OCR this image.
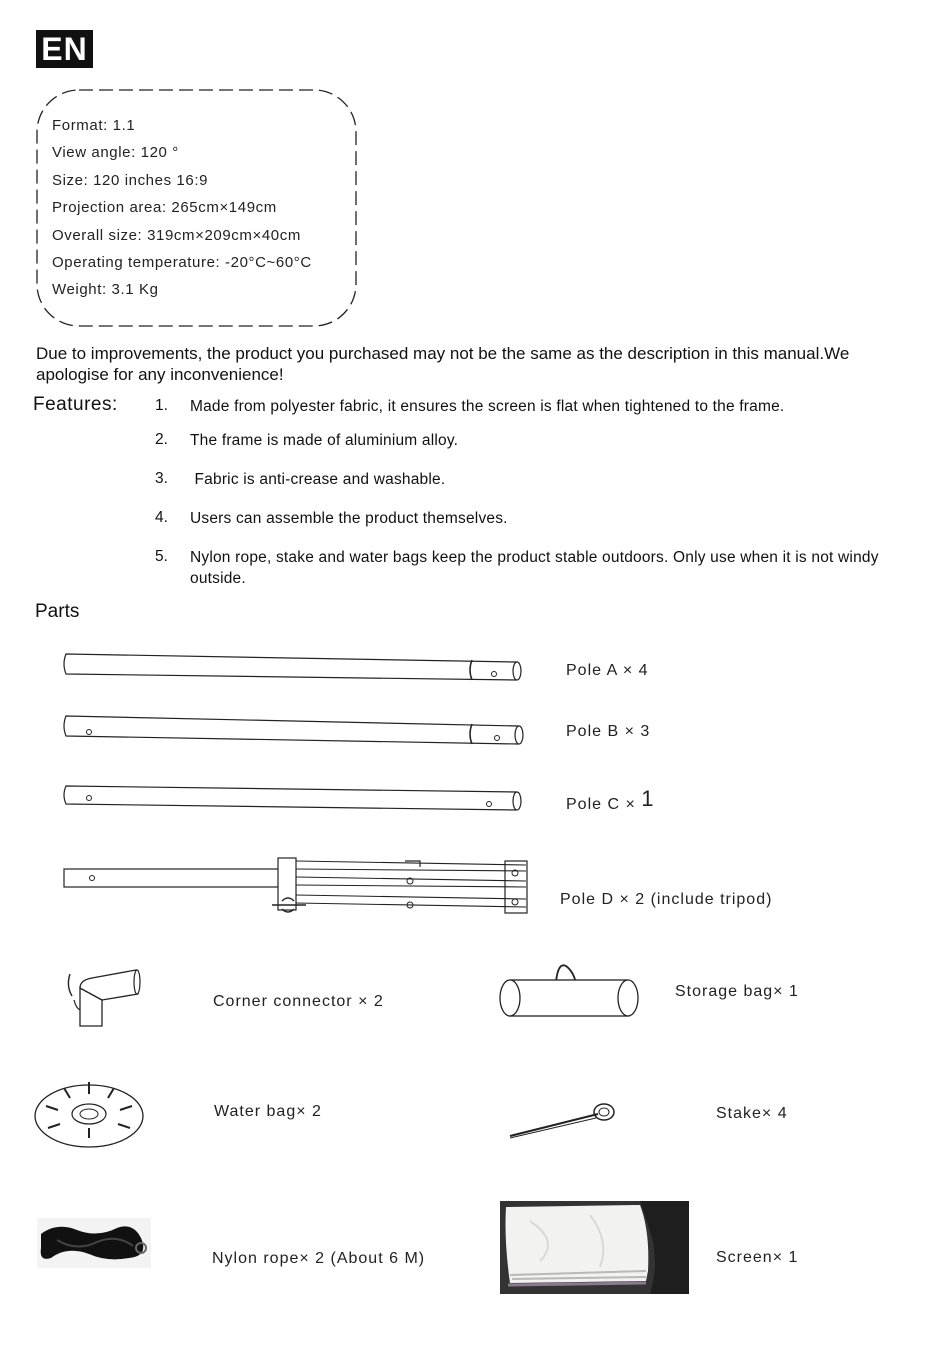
EN
Format: 1.1
View angle: 120 °
Size: 120 inches 16:9
Projection area: 265cm×149cm
Overall size: 319cm×209cm×40cm
Operating temperature: -20°C~60°C
Weight: 3.1 Kg
Due to improvements, the product you purchased may not be the same as the description in this manual.We apologise for any inconvenience!
Features: 1. Made from polyester fabric, it ensures the screen is flat when tightened to the frame.
2. The frame is made of aluminium alloy.
3. Fabric is anti-crease and washable.
4. Users can assemble the product themselves.
5. Nylon rope, stake and water bags keep the product stable outdoors. Only use when it is not windy outside.
Parts
Pole A × 4
Pole B × 3
Pole C × 1
Pole D × 2 (include tripod)
Corner connector × 2
Storage bag× 1
Water bag× 2	Stake× 4
Nylon rope× 2 (About 6 M)	Screen× 1
